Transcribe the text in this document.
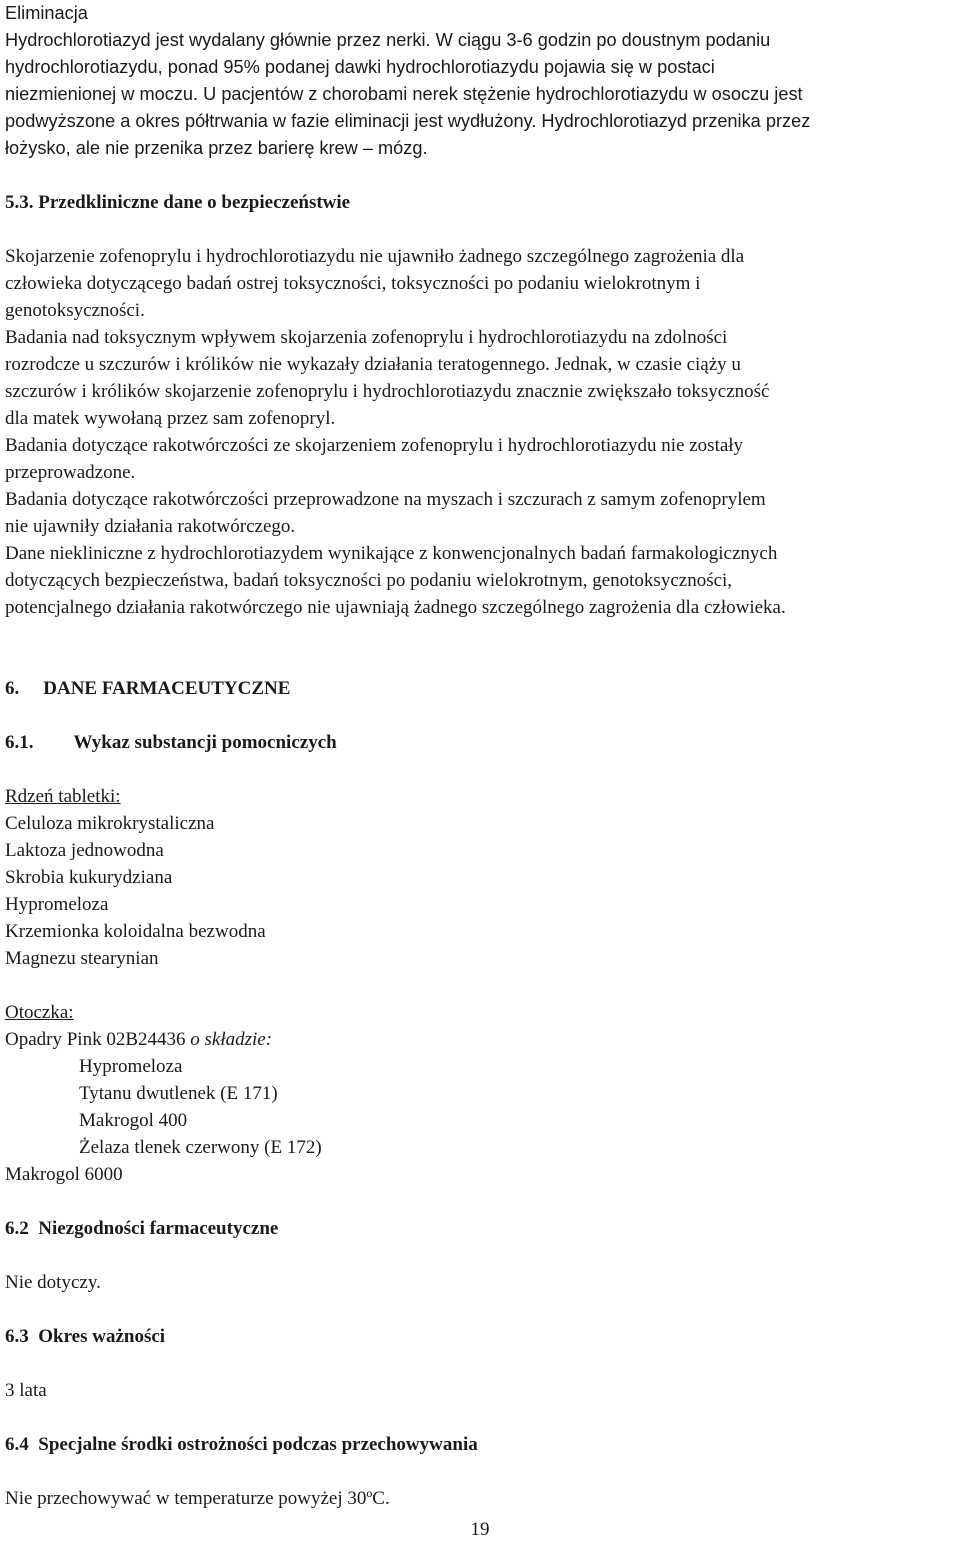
Eliminacja

Hydrochlorotiazyd jest wydalany głównie przez nerki. W ciągu 3-6 godzin po doustnym podaniu

hydrochlorotiazydu, ponad 95% podanej dawki hydrochlorotiazydu pojawia się w postaci

niezmienionej w moczu. U pacjentów z chorobami nerek stężenie hydrochlorotiazydu w osoczu jest

podwyższone a okres półtrwania w fazie eliminacji jest wydłużony. Hydrochlorotiazyd przenika przez

łożysko, ale nie przenika przez barierę krew – mózg.

5.3. Przedkliniczne dane o bezpieczeństwie

Skojarzenie zofenoprylu i hydrochlorotiazydu nie ujawniło żadnego szczególnego zagrożenia dla

człowieka dotyczącego badań ostrej toksyczności, toksyczności po podaniu wielokrotnym i

genotoksyczności.

Badania nad toksycznym wpływem skojarzenia zofenoprylu i hydrochlorotiazydu na zdolności

rozrodcze u szczurów i królików nie wykazały działania teratogennego. Jednak, w czasie ciąży u

szczurów i królików skojarzenie zofenoprylu i hydrochlorotiazydu znacznie zwiększało toksyczność

dla matek wywołaną przez sam zofenopryl.

Badania dotyczące rakotwórczości ze skojarzeniem zofenoprylu i hydrochlorotiazydu nie zostały

przeprowadzone.

Badania dotyczące rakotwórczości przeprowadzone na myszach i szczurach z samym zofenoprylem

nie ujawniły działania rakotwórczego.

Dane niekliniczne z hydrochlorotiazydem wynikające z konwencjonalnych badań farmakologicznych

dotyczących bezpieczeństwa, badań toksyczności po podaniu wielokrotnym, genotoksyczności,

potencjalnego działania rakotwórczego nie ujawniają żadnego szczególnego zagrożenia dla człowieka.

6. DANE FARMACEUTYCZNE

6.1. Wykaz substancji pomocniczych

Rdzeń tabletki:

Celuloza mikrokrystaliczna

Laktoza jednowodna

Skrobia kukurydziana

Hypromeloza

Krzemionka koloidalna bezwodna

Magnezu stearynian

Otoczka:

Opadry Pink 02B24436 o składzie:

Hypromeloza

Tytanu dwutlenek (E 171)

Makrogol 400

Żelaza tlenek czerwony (E 172)

Makrogol 6000

6.2  Niezgodności farmaceutyczne

Nie dotyczy.

6.3  Okres ważności

3 lata

6.4  Specjalne środki ostrożności podczas przechowywania

Nie przechowywać w temperaturze powyżej 30ºC.

19
